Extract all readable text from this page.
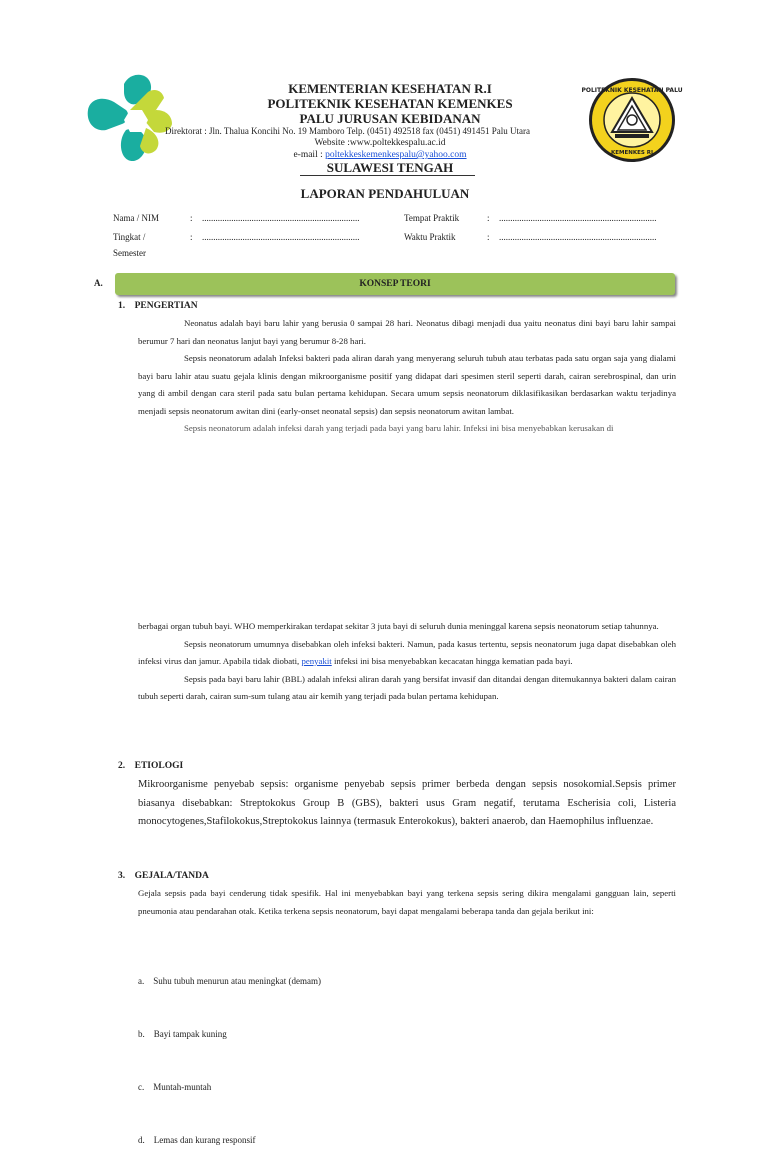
KEMENTERIAN KESEHATAN R.I
POLITEKNIK KESEHATAN KEMENKES
PALU JURUSAN KEBIDANAN
Direktorat : Jln. Thalua Koncihi No. 19 Mamboro Telp. (0451) 492518 fax (0451) 491451 Palu Utara
Website :www.poltekkespalu.ac.id
e-mail : poltekkeskemenkespalu@yahoo.com
SULAWESI TENGAH
POLITEKNIK KESEHATAN PALU
KEMENKES RI
LAPORAN PENDAHULUAN
Nama / NIM	: ......................................................................	Tempat Praktik	: ......................................................................
Tingkat /	: ......................................................................	Waktu Praktik	: ......................................................................
Semester
A.	KONSEP TEORI
1.    PENGERTIAN

Neonatus adalah bayi baru lahir yang berusia 0 sampai 28 hari. Neonatus dibagi menjadi dua yaitu neonatus dini bayi baru lahir sampai berumur 7 hari dan neonatus lanjut bayi yang berumur 8-28 hari.

Sepsis neonatorum adalah Infeksi bakteri pada aliran darah yang menyerang seluruh tubuh atau terbatas pada satu organ saja yang dialami bayi baru lahir atau suatu gejala klinis dengan mikroorganisme positif yang didapat dari spesimen steril seperti darah, cairan serebrospinal, dan urin yang di ambil dengan cara steril pada satu bulan pertama kehidupan. Secara umum sepsis neonatorum diklasifikasikan berdasarkan waktu terjadinya menjadi sepsis neonatorum awitan dini (early-onset neonatal sepsis) dan sepsis neonatorum awitan lambat.

Sepsis neonatorum adalah infeksi darah yang terjadi pada bayi yang baru lahir. Infeksi ini bisa menyebabkan kerusakan di

berbagai organ tubuh bayi. WHO memperkirakan terdapat sekitar 3 juta bayi di seluruh dunia meninggal karena sepsis neonatorum setiap tahunnya.

Sepsis neonatorum umumnya disebabkan oleh infeksi bakteri. Namun, pada kasus tertentu, sepsis neonatorum juga dapat disebabkan oleh infeksi virus dan jamur. Apabila tidak diobati, penyakit infeksi ini bisa menyebabkan kecacatan hingga kematian pada bayi.

Sepsis pada bayi baru lahir (BBL) adalah infeksi aliran darah yang bersifat invasif dan ditandai dengan ditemukannya bakteri dalam cairan tubuh seperti darah, cairan sum-sum tulang atau air kemih yang terjadi pada bulan pertama kehidupan.

2.    ETIOLOGI
Mikroorganisme penyebab sepsis: organisme penyebab sepsis primer berbeda dengan sepsis nosokomial.Sepsis primer biasanya disebabkan: Streptokokus Group B (GBS), bakteri usus Gram negatif, terutama Escherisia coli, Listeria monocytogenes,Stafilokokus,Streptokokus lainnya (termasuk Enterokokus), bakteri anaerob, dan Haemophilus influenzae.
3.    GEJALA/TANDA
Gejala sepsis pada bayi cenderung tidak spesifik. Hal ini menyebabkan bayi yang terkena sepsis sering dikira mengalami gangguan lain, seperti pneumonia atau pendarahan otak. Ketika terkena sepsis neonatorum, bayi dapat mengalami beberapa tanda dan gejala berikut ini:

a.    Suhu tubuh menurun atau meningkat (demam)

b.    Bayi tampak kuning

c.    Muntah-muntah

d.    Lemas dan kurang responsif
